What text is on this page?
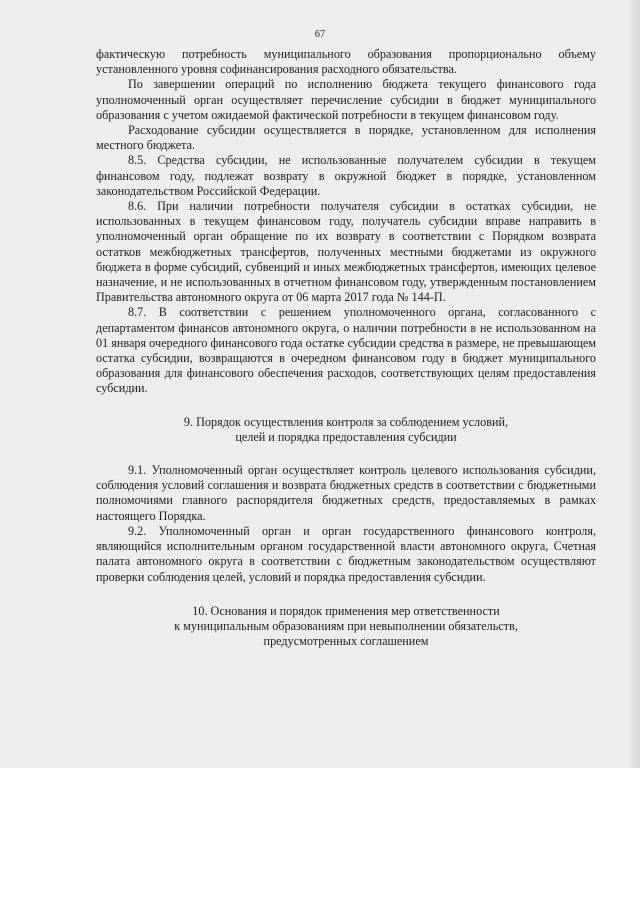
67

фактическую потребность муниципального образования пропорционально объему установленного уровня софинансирования расходного обязательства.

По завершении операций по исполнению бюджета текущего финансового года уполномоченный орган осуществляет перечисление субсидии в бюджет муниципального образования с учетом ожидаемой фактической потребности в текущем финансовом году.

Расходование субсидии осуществляется в порядке, установленном для исполнения местного бюджета.

8.5. Средства субсидии, не использованные получателем субсидии в текущем финансовом году, подлежат возврату в окружной бюджет в порядке, установленном законодательством Российской Федерации.

8.6. При наличии потребности получателя субсидии в остатках субсидии, не использованных в текущем финансовом году, получатель субсидии вправе направить в уполномоченный орган обращение по их возврату в соответствии с Порядком возврата остатков межбюджетных трансфертов, полученных местными бюджетами из окружного бюджета в форме субсидий, субвенций и иных межбюджетных трансфертов, имеющих целевое назначение, и не использованных в отчетном финансовом году, утвержденным постановлением Правительства автономного округа от 06 марта 2017 года № 144-П.

8.7. В соответствии с решением уполномоченного органа, согласованного с департаментом финансов автономного округа, о наличии потребности в не использованном на 01 января очередного финансового года остатке субсидии средства в размере, не превышающем остатка субсидии, возвращаются в очередном финансовом году в бюджет муниципального образования для финансового обеспечения расходов, соответствующих целям предоставления субсидии.

9. Порядок осуществления контроля за соблюдением условий,
целей и порядка предоставления субсидии

9.1. Уполномоченный орган осуществляет контроль целевого использования субсидии, соблюдения условий соглашения и возврата бюджетных средств в соответствии с бюджетными полномочиями главного распорядителя бюджетных средств, предоставляемых в рамках настоящего Порядка.

9.2. Уполномоченный орган и орган государственного финансового контроля, являющийся исполнительным органом государственной власти автономного округа, Счетная палата автономного округа в соответствии с бюджетным законодательством осуществляют проверки соблюдения целей, условий и порядка предоставления субсидии.

10. Основания и порядок применения мер ответственности
к муниципальным образованиям при невыполнении обязательств,
предусмотренных соглашением
